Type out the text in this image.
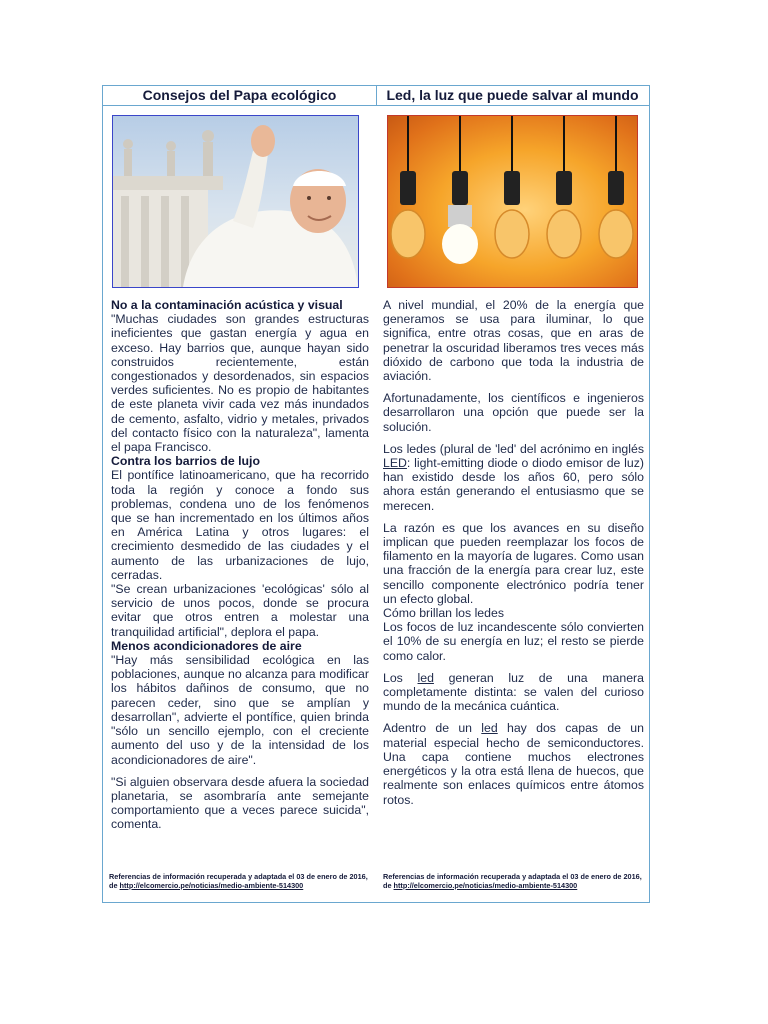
Consejos del Papa ecológico	Led, la luz que puede salvar al mundo

No a la contaminación acústica y visual

"Muchas ciudades son grandes estructuras ineficientes que gastan energía y agua en exceso. Hay barrios que, aunque hayan sido construidos recientemente, están congestionados y desordenados, sin espacios verdes suficientes. No es propio de habitantes de este planeta vivir cada vez más inundados de cemento, asfalto, vidrio y metales, privados del contacto físico con la naturaleza", lamenta el papa Francisco.

Contra los barrios de lujo

El pontífice latinoamericano, que ha recorrido toda la región y conoce a fondo sus problemas, condena uno de los fenómenos que se han incrementado en los últimos años en América Latina y otros lugares: el crecimiento desmedido de las ciudades y el aumento de las urbanizaciones de lujo, cerradas.

"Se crean urbanizaciones 'ecológicas' sólo al servicio de unos pocos, donde se procura evitar que otros entren a molestar una tranquilidad artificial", deplora el papa.

Menos acondicionadores de aire

"Hay más sensibilidad ecológica en las poblaciones, aunque no alcanza para modificar los hábitos dañinos de consumo, que no parecen ceder, sino que se amplían y desarrollan", advierte el pontífice, quien brinda "sólo un sencillo ejemplo, con el creciente aumento del uso y de la intensidad de los acondicionadores de aire".

"Si alguien observara desde afuera la sociedad planetaria, se asombraría ante semejante comportamiento que a veces parece suicida", comenta.

A nivel mundial, el 20% de la energía que generamos se usa para iluminar, lo que significa, entre otras cosas, que en aras de penetrar la oscuridad liberamos tres veces más dióxido de carbono que toda la industria de aviación.

Afortunadamente, los científicos e ingenieros desarrollaron una opción que puede ser la solución.

Los ledes (plural de 'led' del acrónimo en inglés LED: light-emitting diode o diodo emisor de luz) han existido desde los años 60, pero sólo ahora están generando el entusiasmo que se merecen.

La razón es que los avances en su diseño implican que pueden reemplazar los focos de filamento en la mayoría de lugares. Como usan una fracción de la energía para crear luz, este sencillo componente electrónico podría tener un efecto global.

Cómo brillan los ledes

Los focos de luz incandescente sólo convierten el 10% de su energía en luz; el resto se pierde como calor.

Los led generan luz de una manera completamente distinta: se valen del curioso mundo de la mecánica cuántica.

Adentro de un led hay dos capas de un material especial hecho de semiconductores. Una capa contiene muchos electrones energéticos y la otra está llena de huecos, que realmente son enlaces químicos entre átomos rotos.

Referencias de información recuperada y adaptada el 03 de enero de 2016, de http://elcomercio.pe/noticias/medio-ambiente-514300
Referencias de información recuperada y adaptada el 03 de enero de 2016, de http://elcomercio.pe/noticias/medio-ambiente-514300
